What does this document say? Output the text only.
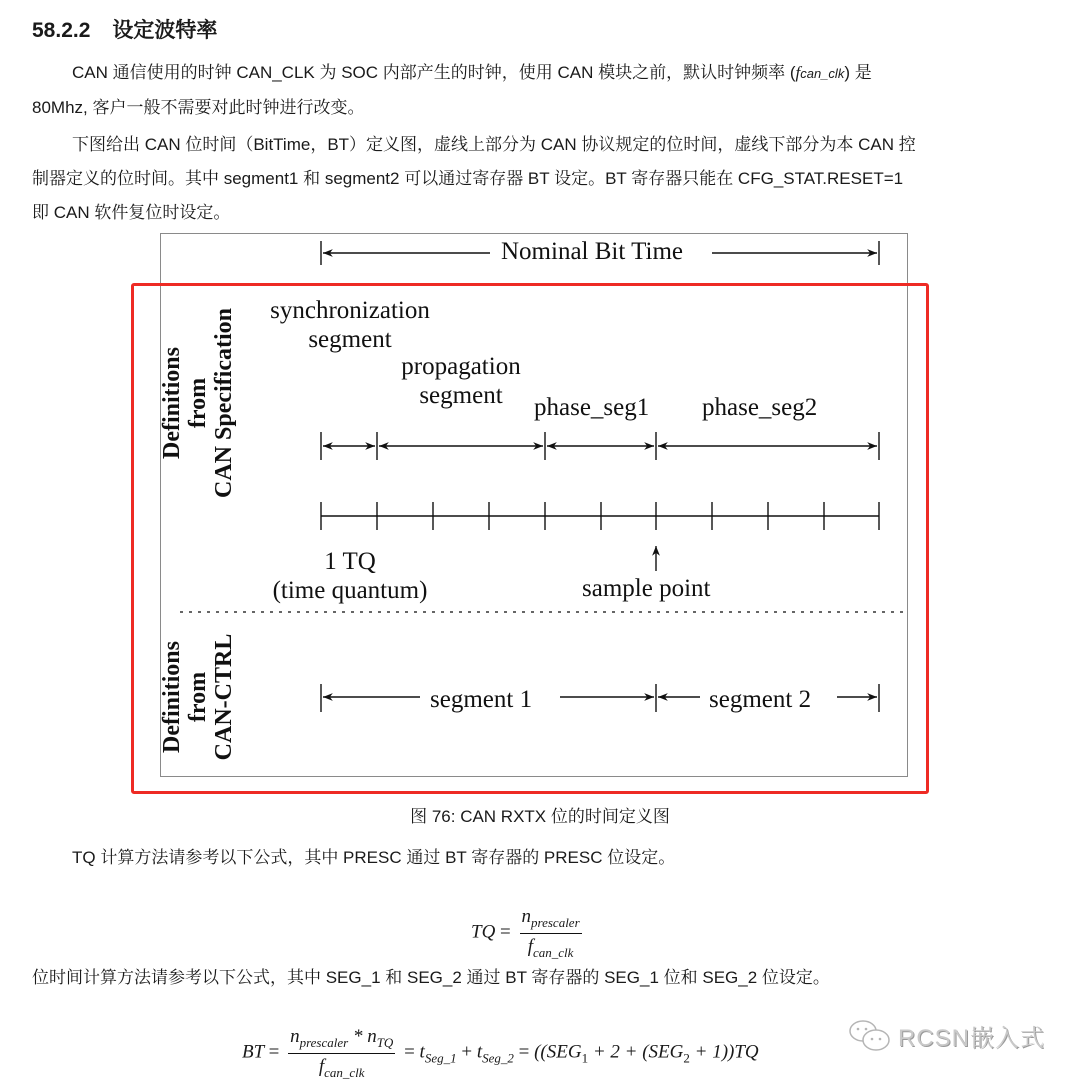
58.2.2 设定波特率
CAN 通信使用的时钟 CAN_CLK 为 SOC 内部产生的时钟，使用 CAN 模块之前，默认时钟频率 (fcan_clk) 是
80Mhz, 客户一般不需要对此时钟进行改变。
下图给出 CAN 位时间（BitTime，BT）定义图，虚线上部分为 CAN 协议规定的位时间，虚线下部分为本 CAN 控
制器定义的位时间。其中 segment1 和 segment2 可以通过寄存器 BT 设定。BT 寄存器只能在 CFG_STAT.RESET=1
即 CAN 软件复位时设定。
Nominal Bit Time
synchronization
segment
propagation
segment	phase_seg1 phase_seg2
1 TQ
(time quantum)	sample point
segment 1	segment 2
Definitions from CAN Specification
Definitions from CAN-CTRL
图 76: CAN RXTX 位的时间定义图
TQ 计算方法请参考以下公式，其中 PRESC 通过 BT 寄存器的 PRESC 位设定。
TQ = $\frac{n_{prescaler}}{f_{can\_clk}}$
位时间计算方法请参考以下公式，其中 SEG_1 和 SEG_2 通过 BT 寄存器的 SEG_1 位和 SEG_2 位设定。
BT = $\frac{n_{prescaler} * n_{TQ}}{f_{can\_clk}} = t_{Seg\_1} + t_{Seg\_2} = ((SEG_1 + 2 + (SEG_2 + 1))TQ$
RCSN嵌入式
